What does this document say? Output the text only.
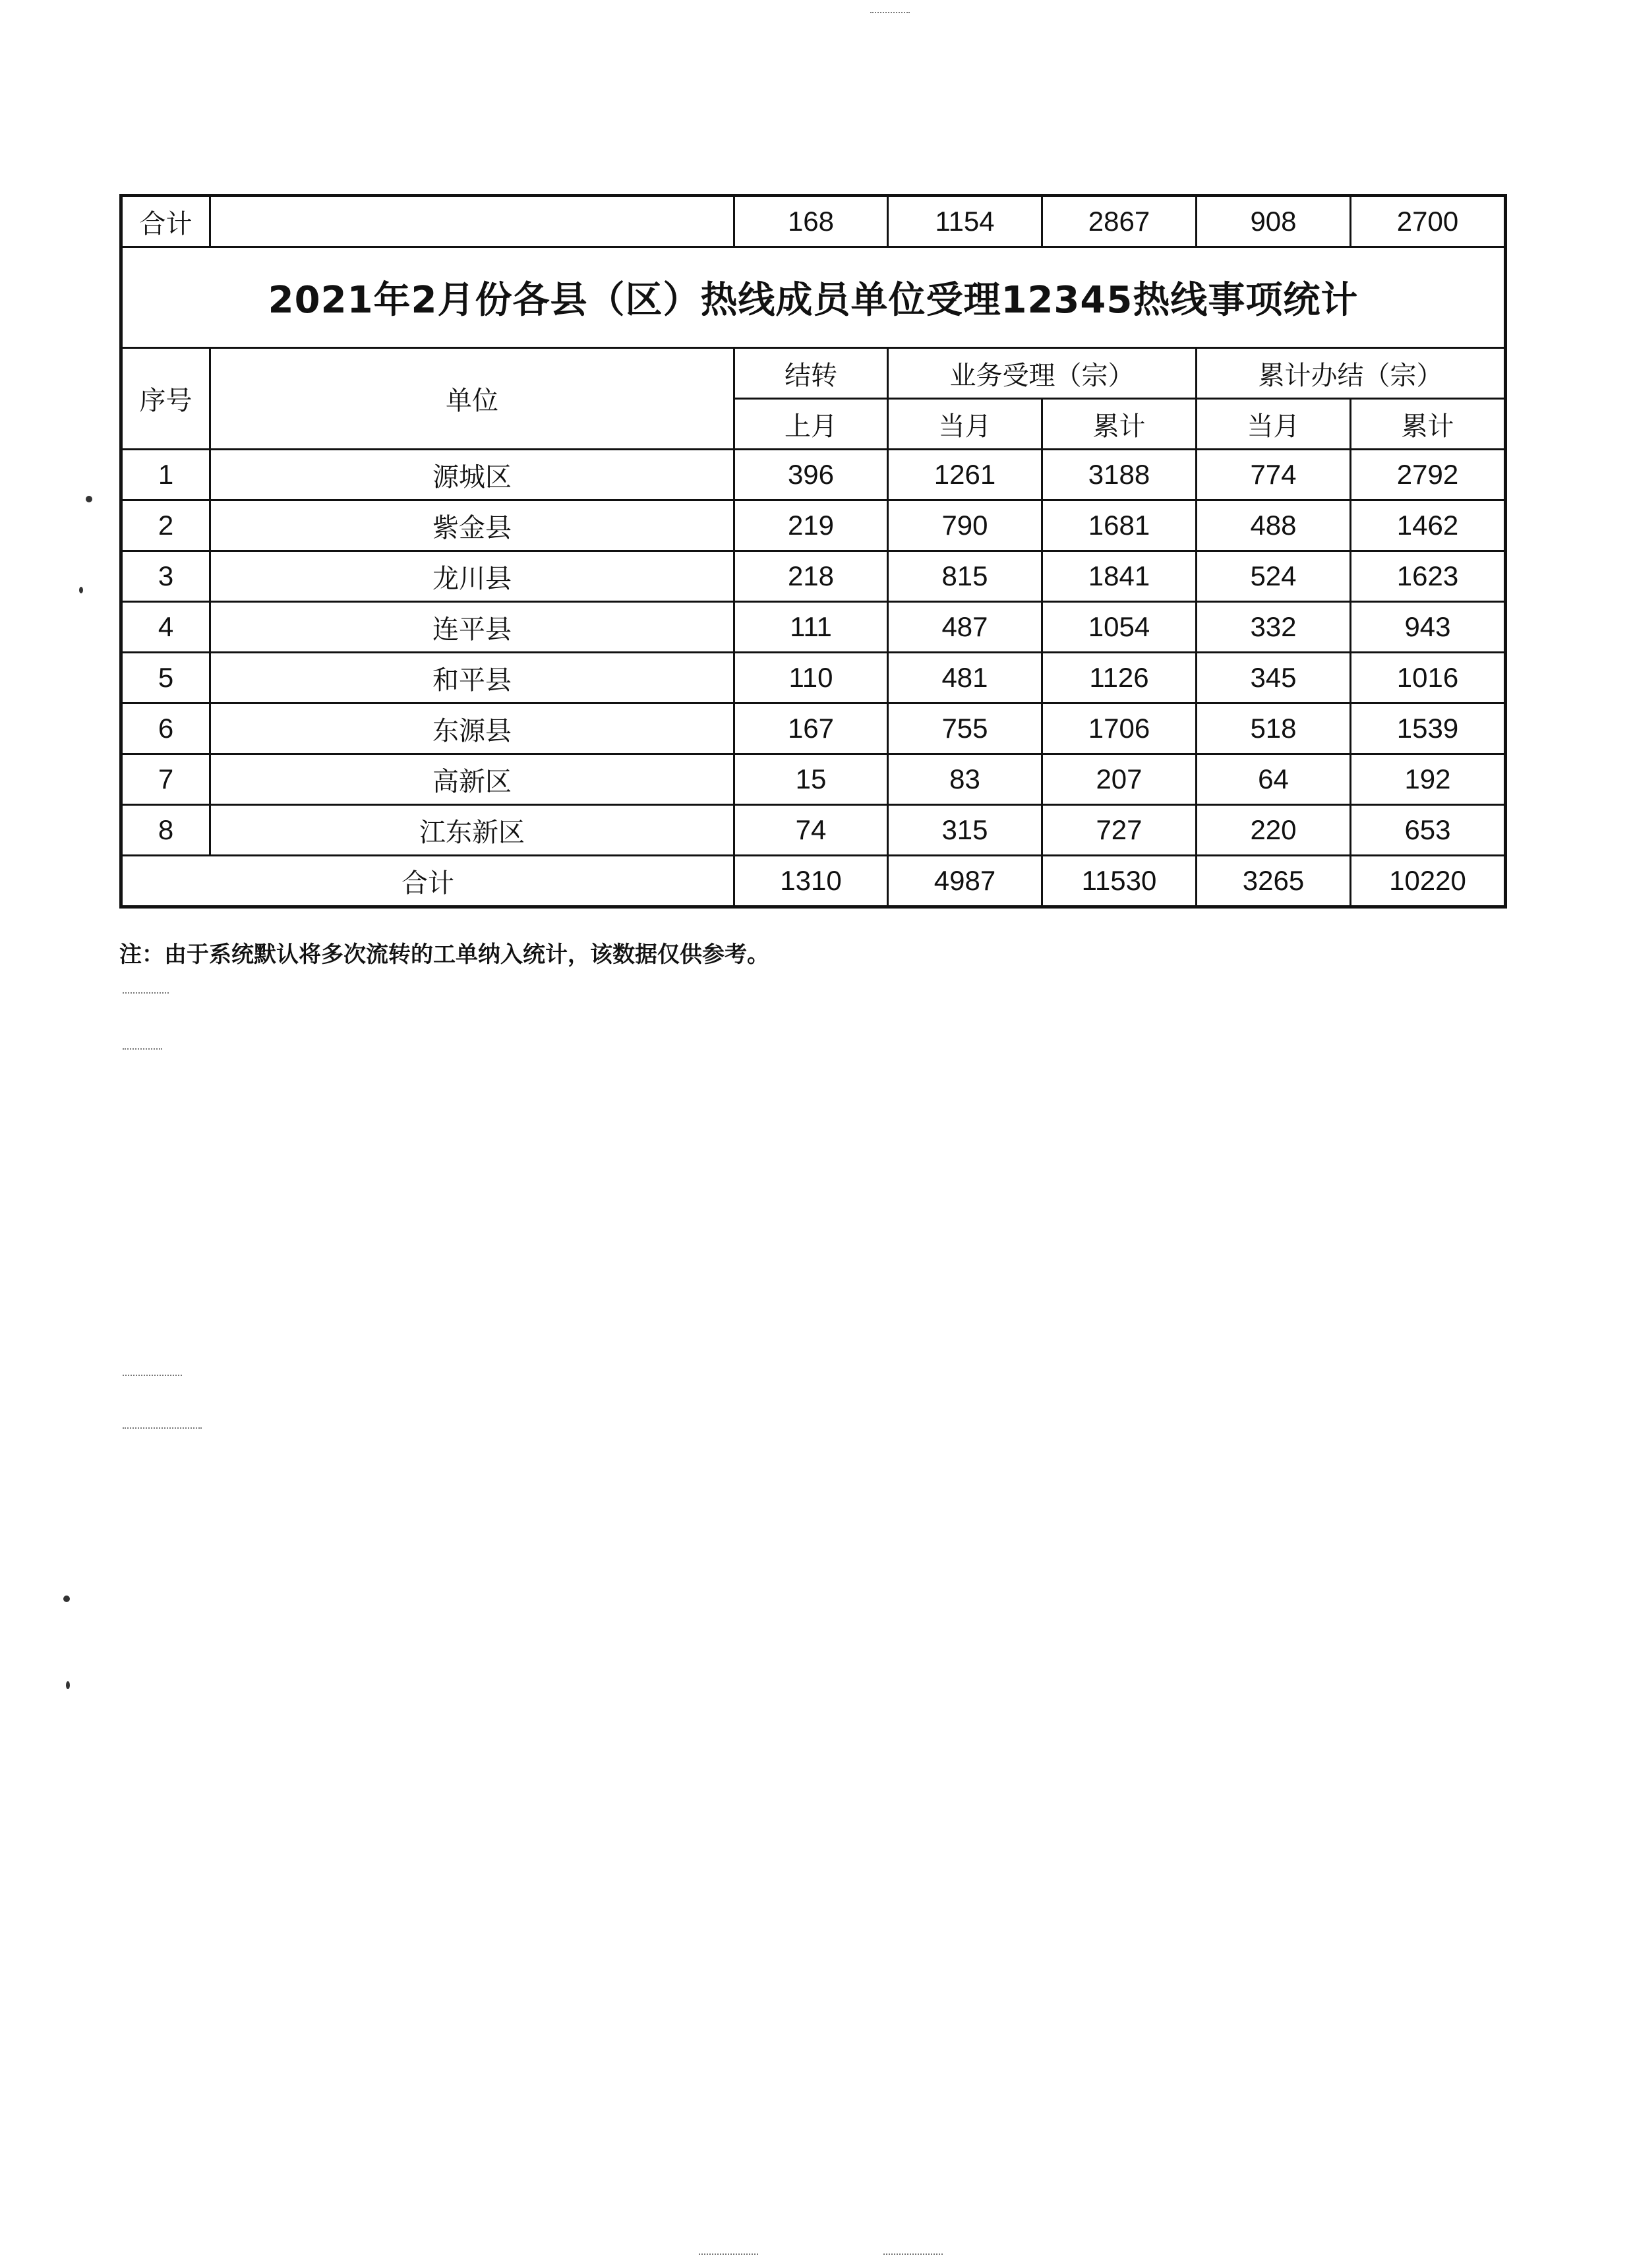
合计		168	1154	2867	908	2700
2021年2月份各县（区）热线成员单位受理12345热线事项统计						
序号	单位	结转	业务受理（宗）		累计办结（宗）	
		上月	当月	累计	当月	累计
1	源城区	396	1261	3188	774	2792
2	紫金县	219	790	1681	488	1462
3	龙川县	218	815	1841	524	1623
4	连平县	111	487	1054	332	943
5	和平县	110	481	1126	345	1016
6	东源县	167	755	1706	518	1539
7	高新区	15	83	207	64	192
8	江东新区	74	315	727	220	653
合计		1310	4987	11530	3265	10220
注：由于系统默认将多次流转的工单纳入统计，该数据仅供参考。
